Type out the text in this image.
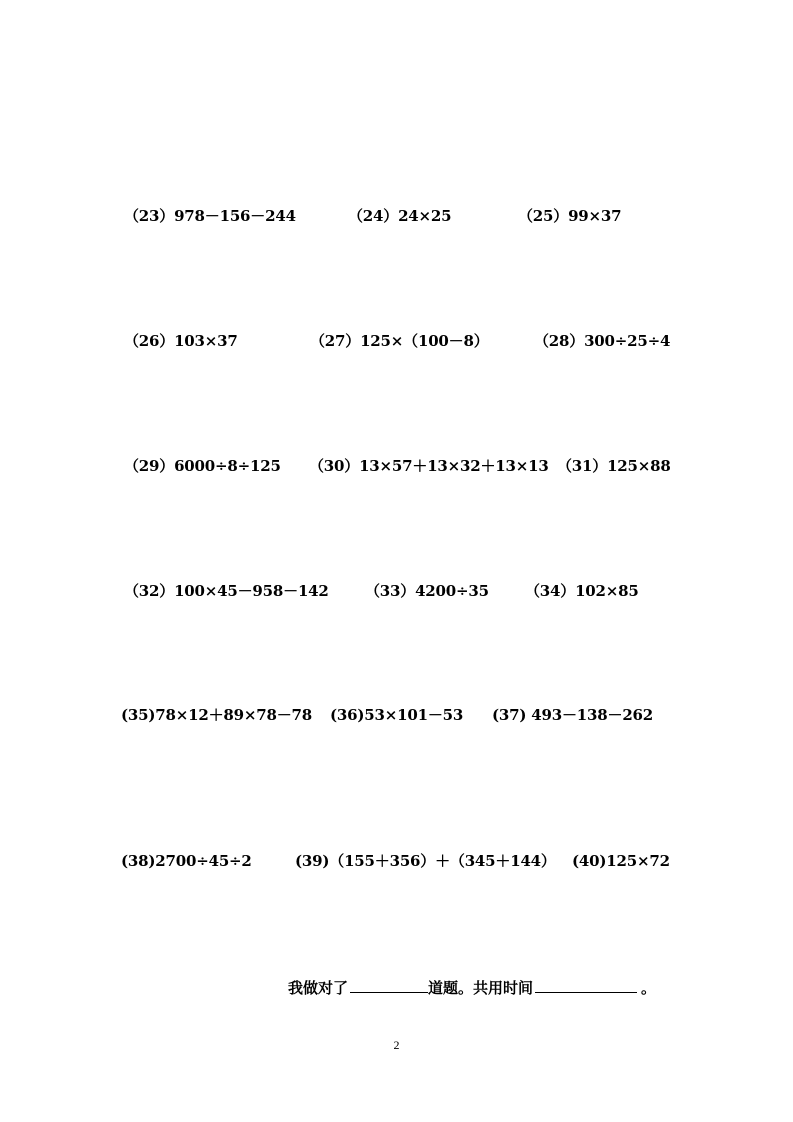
（23）978－156－244	（24）24×25	（25）99×37
（26）103×37	（27）125×（100－8）	（28）300÷25÷4
（29）6000÷8÷125 （30）13×57＋13×32＋13×13 （31）125×88
（32）100×45－958－142 （33）4200÷35 （34）102×85
(35)78×12＋89×78－78 (36)53×101－53 (37) 493－138－262
(38)2700÷45÷2	(39)（155＋356）＋（345＋144） (40)125×72
我做对了	道题。共用时间	。
2
